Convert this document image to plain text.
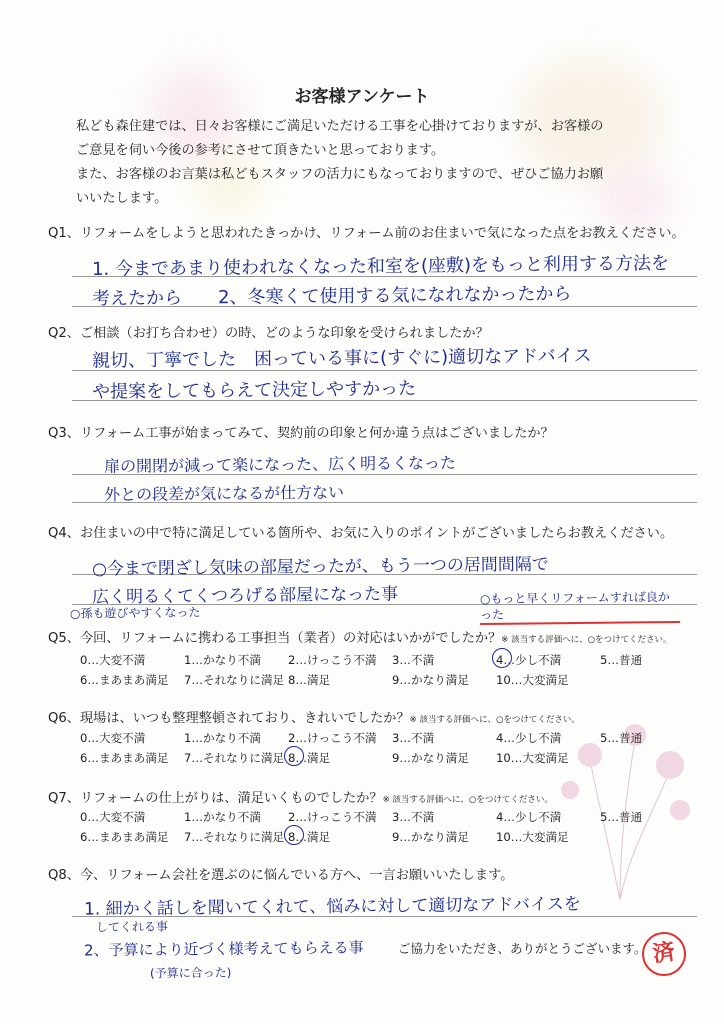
お客様アンケート
私ども森住建では、日々お客様にご満足いただける工事を心掛けておりますが、お客様の
ご意見を伺い今後の参考にさせて頂きたいと思っております。
また、お客様のお言葉は私どもスタッフの活力にもなっておりますので、ぜひご協力お願
いいたします。
Q1、リフォームをしようと思われたきっかけ、リフォーム前のお住まいで気になった点をお教えください。
1. 今まであまり使われなくなった和室を(座敷)をもっと利用する方法を
考えたから　　2、冬寒くて使用する気になれなかったから
Q2、ご相談（お打ち合わせ）の時、どのような印象を受けられましたか？
親切、丁寧でした　困っている事に(すぐに)適切なアドバイス
や提案をしてもらえて決定しやすかった
Q3、リフォーム工事が始まってみて、契約前の印象と何か違う点はございましたか？
扉の開閉が減って楽になった、広く明るくなった
外との段差が気になるが仕方ない
Q4、お住まいの中で特に満足している箇所や、お気に入りのポイントがございましたらお教えください。
○今まで閉ざし気味の部屋だったが、もう一つの居間間隔で
広く明るくてくつろげる部屋になった事
○孫も遊びやすくなった
○もっと早くリフォームすれば良かった
Q5、今回、リフォームに携わる工事担当（業者）の対応はいかがでしたか？※ 該当する評価へに、○をつけてください。
0…大変不満	1…かなり不満	2…けっこう不満	3…不満	4…少し不満	5…普通
6…まあまあ満足	7…それなりに満足 8…満足	9…かなり満足	10…大変満足
Q6、現場は、いつも整理整頓されており、きれいでしたか？※ 該当する評価へに、○をつけてください。
0…大変不満	1…かなり不満	2…けっこう不満	3…不満	4…少し不満	5…普通
6…まあまあ満足	7…それなりに満足 8…満足	9…かなり満足	10…大変満足
Q7、リフォームの仕上がりは、満足いくものでしたか？※ 該当する評価へに、○をつけてください。
0…大変不満	1…かなり不満	2…けっこう不満	3…不満	4…少し不満	5…普通
6…まあまあ満足	7…それなりに満足 8…満足	9…かなり満足	10…大変満足
Q8、今、リフォーム会社を選ぶのに悩んでいる方へ、一言お願いいたします。
1. 細かく話しを聞いてくれて、悩みに対して適切なアドバイスを
してくれる事
2、予算により近づく様考えてもらえる事
(予算に合った)
ご協力をいただき、ありがとうございます。 済
